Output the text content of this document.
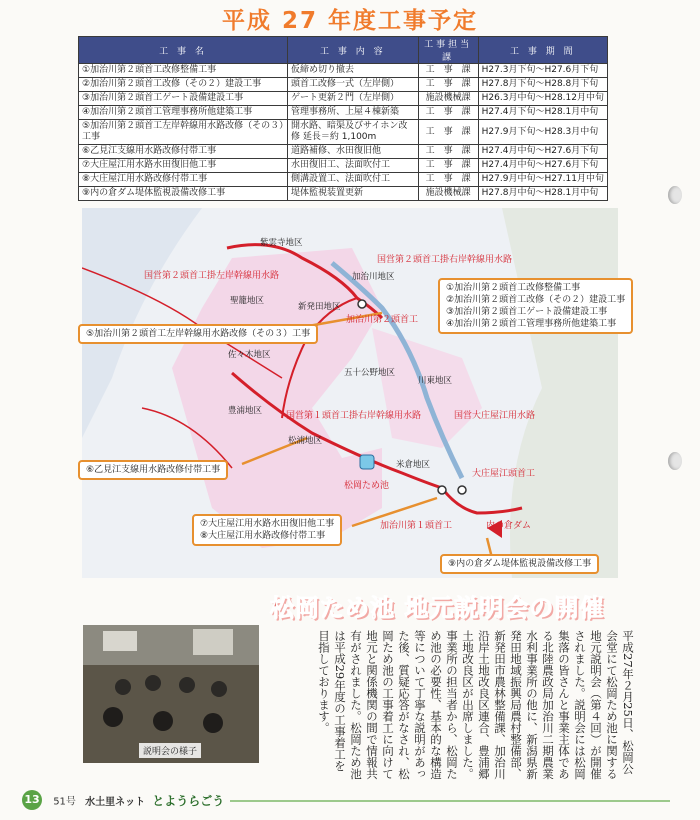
平成 27 年度工事予定
工 事 名	工 事 内 容	工事担当課	工 事 期 間
①加治川第２頭首工改修整備工事	仮締め切り撤去	工　事　課	H27.3月下旬〜H27.6月下旬
②加治川第２頭首工改修（その２）建設工事	頭首工改修一式（左岸側）	工　事　課	H27.8月下旬〜H28.8月下旬
③加治川第２頭首工ゲート設備建設工事	ゲート更新２門（左岸側）	施設機械課	H26.3月中旬〜H28.12月中旬
④加治川第２頭首工管理事務所他建築工事	管理事務所、上屋４棟新築	工　事　課	H27.4月下旬〜H28.1月中旬
⑤加治川第２頭首工左岸幹線用水路改修（その３）工事	開水路、暗渠及びサイホン改修 延長＝約 1,100m	工　事　課	H27.9月下旬〜H28.3月中旬
⑥乙見江支線用水路改修付帯工事	道路補修、水田復旧他	工　事　課	H27.4月中旬〜H27.6月下旬
⑦大庄屋江用水路水田復旧他工事	水田復旧工、法面吹付工	工　事　課	H27.4月中旬〜H27.6月下旬
⑧大庄屋江用水路改修付帯工事	側溝設置工、法面吹付工	工　事　課	H27.9月中旬〜H27.11月中旬
⑨内の倉ダム堤体監視設備改修工事	堤体監視装置更新	施設機械課	H27.8月中旬〜H28.1月中旬
紫雲寺地区
国営第２頭首工掛右岸幹線用水路
加治川地区
国営第２頭首工掛左岸幹線用水路
聖籠地区
新発田地区
加治川第２頭首工
佐々木地区
五十公野地区
川東地区
豊浦地区	国営第１頭首工掛右岸幹線用水路	国営大庄屋江用水路
松浦地区
米倉地区
大庄屋江頭首工
松岡ため池
加治川第１頭首工	内の倉ダム
①加治川第２頭首工改修整備工事
②加治川第２頭首工改修（その２）建設工事
③加治川第２頭首工ゲート設備建設工事
④加治川第２頭首工管理事務所他建築工事
⑤加治川第２頭首工左岸幹線用水路改修（その３）工事
⑥乙見江支線用水路改修付帯工事
⑦大庄屋江用水路水田復旧他工事
⑧大庄屋江用水路改修付帯工事
⑨内の倉ダム堤体監視設備改修工事
松岡ため池 地元説明会の開催
説明会の様子	平成27年２月25日、松岡公会堂にて松岡ため池に関する地元説明会（第４回）が開催されました。説明会には松岡集落の皆さんと事業主体である北陸農政局加治川二期農業水利事業所の他に、新潟県新発田地域振興局農村整備部、新発田市農林整備課、加治川沿岸土地改良区連合、豊浦郷土地改良区が出席しました。事業所の担当者から、松岡ため池の必要性、基本的な構造等について丁寧な説明があった後、質疑応答がなされ、松岡ため池の工事着工に向けて地元と関係機関の間で情報共有がされました。松岡ため池は平成29年度の工事着工を目指しております。
13 51号 水土里ネット とようらごう
